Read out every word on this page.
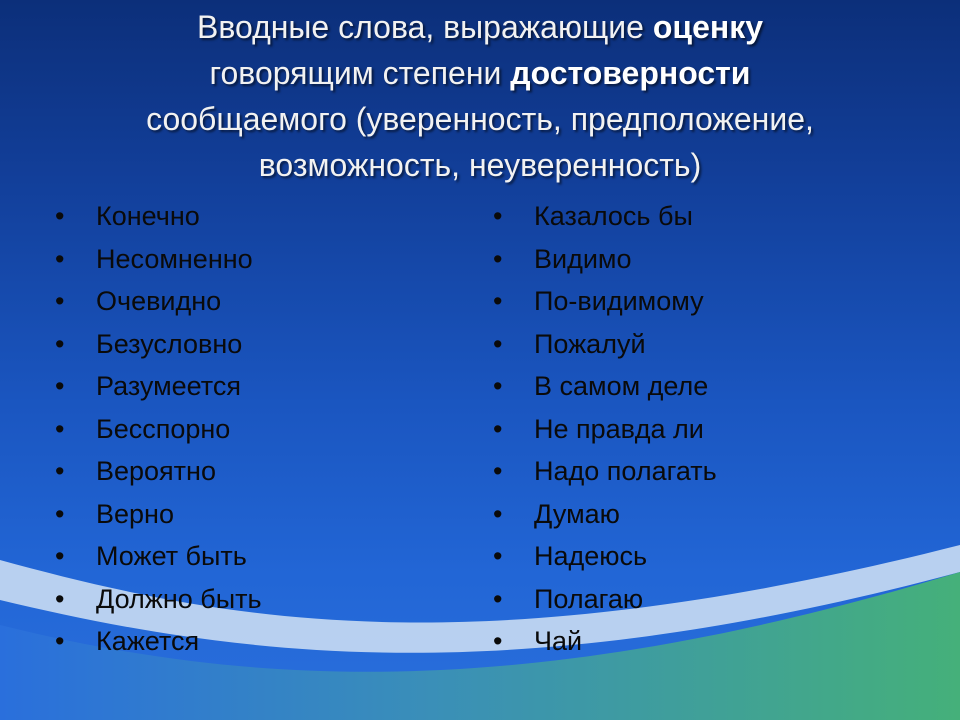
Вводные слова, выражающие оценку
говорящим степени достоверности
сообщаемого (уверенность, предположение,
возможность, неуверенность)
• Конечно
• Несомненно
• Очевидно
• Безусловно
• Разумеется
• Бесспорно
• Вероятно
• Верно
• Может быть
• Должно быть
• Кажется
• Казалось бы
• Видимо
• По-видимому
• Пожалуй
• В самом деле
• Не правда ли
• Надо полагать
• Думаю
• Надеюсь
• Полагаю
• Чай
